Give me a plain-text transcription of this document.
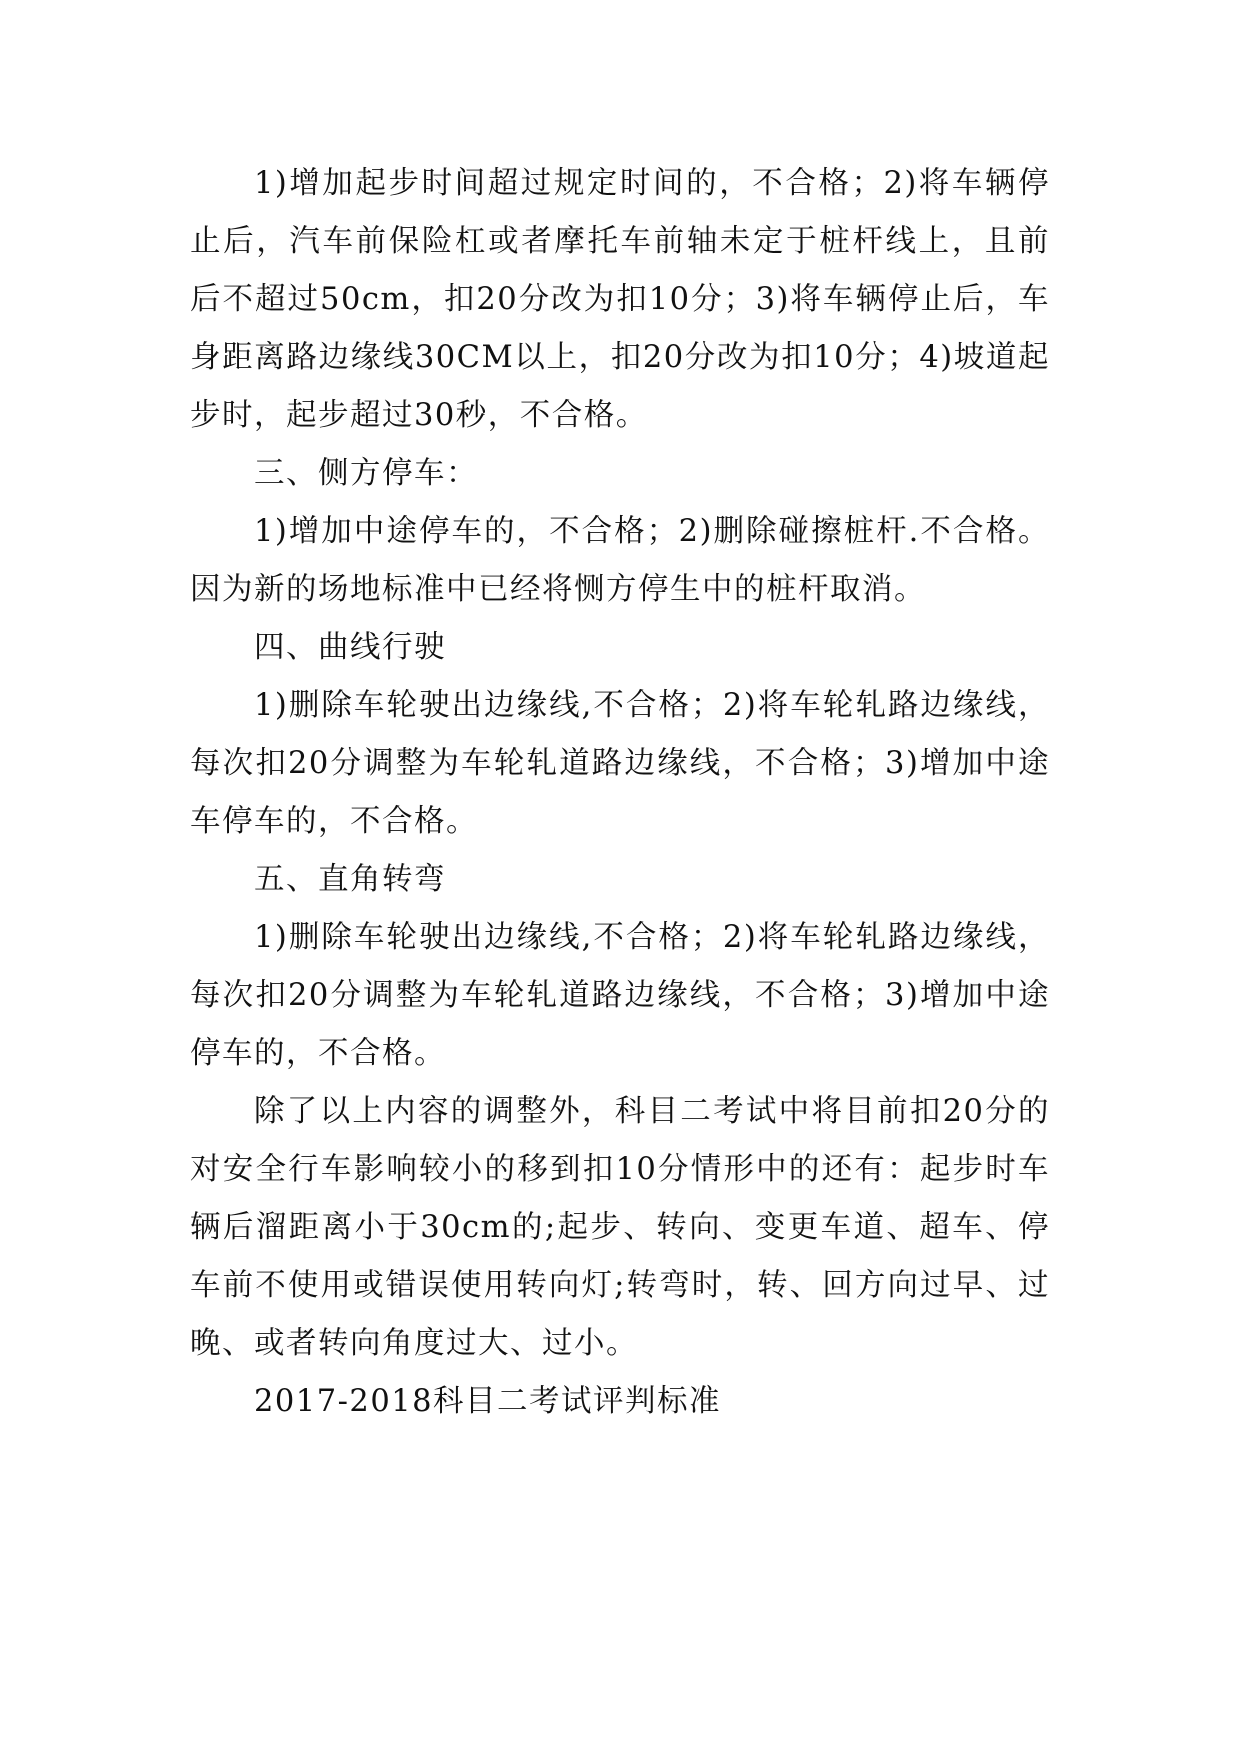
1)增加起步时间超过规定时间的，不合格；2)将车辆停止后，汽车前保险杠或者摩托车前轴未定于桩杆线上，且前后不超过50cm，扣20分改为扣10分；3)将车辆停止后，车身距离路边缘线30CM以上，扣20分改为扣10分；4)坡道起步时，起步超过30秒，不合格。

三、侧方停车：

1)增加中途停车的，不合格；2)删除碰擦桩杆.不合格。因为新的场地标准中已经将恻方停生中的桩杆取消。

四、曲线行驶

1)删除车轮驶出边缘线,不合格；2)将车轮轧路边缘线，每次扣20分调整为车轮轧道路边缘线，不合格；3)增加中途车停车的，不合格。

五、直角转弯

1)删除车轮驶出边缘线,不合格；2)将车轮轧路边缘线，每次扣20分调整为车轮轧道路边缘线，不合格；3)增加中途停车的，不合格。

除了以上内容的调整外，科目二考试中将目前扣20分的对安全行车影响较小的移到扣10分情形中的还有：起步时车辆后溜距离小于30cm的;起步、转向、变更车道、超车、停车前不使用或错误使用转向灯;转弯时，转、回方向过早、过晚、或者转向角度过大、过小。

2017-2018科目二考试评判标准
